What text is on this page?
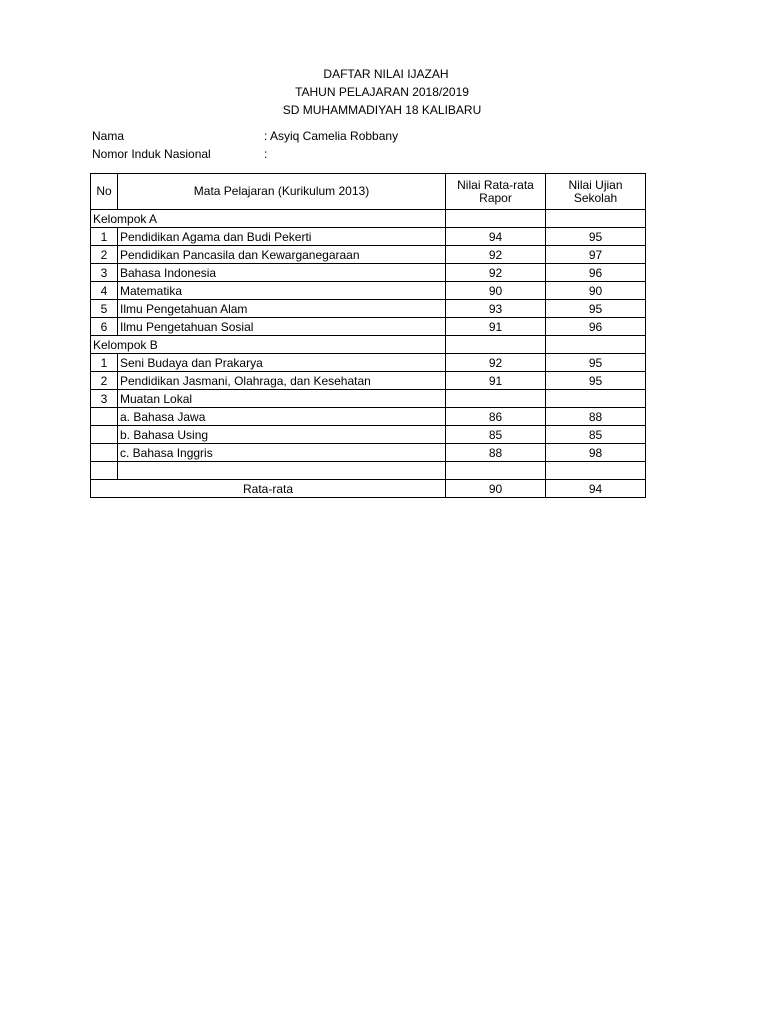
DAFTAR NILAI IJAZAH
TAHUN PELAJARAN 2018/2019
SD MUHAMMADIYAH 18 KALIBARU
Nama	: Asyiq Camelia Robbany
Nomor Induk Nasional	:
No	Mata Pelajaran (Kurikulum 2013)	Nilai Rata-rata Rapor	Nilai Ujian Sekolah
Kelompok A			
1	Pendidikan Agama dan Budi Pekerti	94	95
2	Pendidikan Pancasila dan Kewarganegaraan	92	97
3	Bahasa Indonesia	92	96
4	Matematika	90	90
5	Ilmu Pengetahuan Alam	93	95
6	Ilmu Pengetahuan Sosial	91	96
Kelompok B			
1	Seni Budaya dan Prakarya	92	95
2	Pendidikan Jasmani, Olahraga, dan Kesehatan	91	95
3	Muatan Lokal		
	a. Bahasa Jawa	86	88
	b. Bahasa Using	85	85
	c. Bahasa Inggris	88	98

Rata-rata		90	94
